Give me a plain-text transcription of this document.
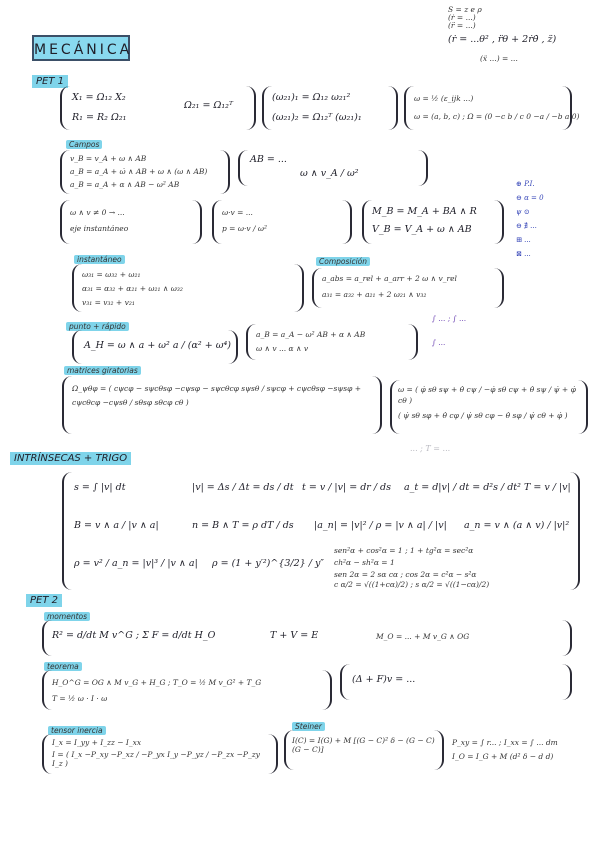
MECÁNICA
S = z e ρ
(ṙ = ...)
(r̈ = ...)
(ṙ = ...θ² , r̈θ + 2ṙθ̇ , z̈)
(ẍ ...) = ...
PET 1
X₁ = Ω₁₂ X₂
R₁ = R₂ Ω₂₁
Ω₂₁ = Ω₁₂ᵀ
(ω₂₁)₁ = Ω₁₂ ω₂₁²
(ω₂₁)₂ = Ω₁₂ᵀ (ω₂₁)₁
ω = ½ (ε_ijk ...)
ω = (a, b, c) ; Ω = (0 −c b / c 0 −a / −b a 0)
Campos
v_B = v_A + ω ∧ AB
a_B = a_A + ω̇ ∧ AB + ω ∧ (ω ∧ AB)
a_B = a_A + α ∧ AB − ω² AB
AB = ...
ω ∧ v_A / ω²
ω ∧ v ≠ 0 → ...
eje instantáneo
ω·v = ...
p = ω·v / ω²
M_B = M_A + BA ∧ R
V_B = V_A + ω ∧ AB
⊕ P.I.
⊖ α = 0
ψ ⊙
⊖ ∄ ...
⊞ ...
⊠ ...
instantáneo
ω₃₁ = ω₃₂ + ω₂₁
α₃₁ = α₃₂ + α₂₁ + ω₂₁ ∧ ω₃₂
v₃₁ = v₃₂ + v₂₁
Composición
a_abs = a_rel + a_arr + 2 ω ∧ v_rel
a₃₁ = a₃₂ + a₂₁ + 2 ω₂₁ ∧ v₃₂
∫ ... ; ∫ ...
∫ ...
punto + rápido
A_H = ω ∧ a + ω² a / (α² + ω⁴)
a_B = a_A − ω² AB + α ∧ AB
ω ∧ v ... α ∧ v
matrices giratorias
Ω_ψθφ = ( cψcφ − sψcθsφ −cψsφ − sψcθcφ sψsθ / sψcφ + cψcθsφ −sψsφ + cψcθcφ −cψsθ / sθsφ sθcφ cθ )
ω = ( φ̇ sθ sψ + θ̇ cψ / −φ̇ sθ cψ + θ̇ sψ / ψ̇ + φ̇ cθ )
( ψ̇ sθ sφ + θ̇ cφ / ψ̇ sθ cφ − θ̇ sφ / ψ̇ cθ + φ̇ )
INTRÍNSECAS + TRIGO
... ; T = ...
s = ∫ |v| dt	|v| = Δs / Δt = ds / dt t = v / |v| = dr / ds a_t = d|v| / dt = d²s / dt² T = v / |v|
B = v ∧ a / |v ∧ a|	n = B ∧ T = ρ dT / ds |a_n| = |v|² / ρ = |v ∧ a| / |v| a_n = v ∧ (a ∧ v) / |v|²
ρ = v² / a_n = |v|³ / |v ∧ a| ρ = (1 + y′²)^{3/2} / y″
sen²α + cos²α = 1 ; 1 + tg²α = sec²α
ch²α − sh²α = 1
sen 2α = 2 sα cα ; cos 2α = c²α − s²α
c α/2 = √((1+cα)/2) ; s α/2 = √((1−cα)/2)
PET 2
momentos
R² = d/dt M v^G ; Σ F = d/dt H_O	T + V = E	M_O = ... + M v_G ∧ OG
teorema
H_O^G = OG ∧ M v_G + H_G ; T_O = ½ M v_G² + T_G
T = ½ ω · I · ω
(Δ + F)v = ...
tensor inercia
I_x = I_yy + I_zz − I_xx
I = ( I_x −P_xy −P_xz / −P_yx I_y −P_yz / −P_zx −P_zy I_z )
Steiner
I(C) = I(G) + M [(G − C)² δ − (G − C)(G − C)]
P_xy = ∫ r... ; I_xx = ∫ ... dm
I_O = I_G + M (d² δ − d d)
